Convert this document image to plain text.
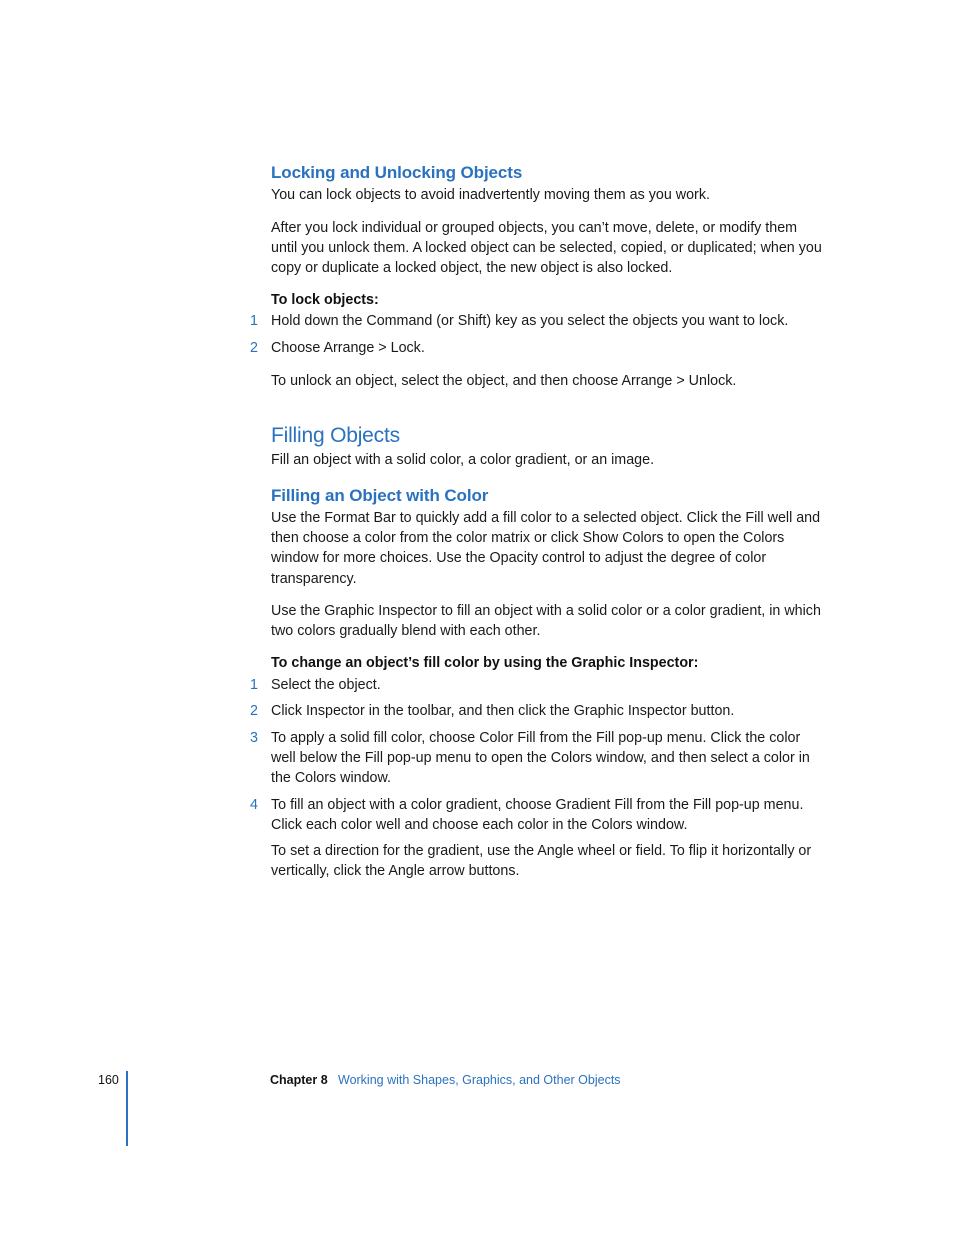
Locking and Unlocking Objects
You can lock objects to avoid inadvertently moving them as you work.
After you lock individual or grouped objects, you can’t move, delete, or modify them until you unlock them. A locked object can be selected, copied, or duplicated; when you copy or duplicate a locked object, the new object is also locked.
To lock objects:
1 Hold down the Command (or Shift) key as you select the objects you want to lock.
2 Choose Arrange > Lock.
To unlock an object, select the object, and then choose Arrange > Unlock.
Filling Objects
Fill an object with a solid color, a color gradient, or an image.
Filling an Object with Color
Use the Format Bar to quickly add a fill color to a selected object. Click the Fill well and then choose a color from the color matrix or click Show Colors to open the Colors window for more choices. Use the Opacity control to adjust the degree of color transparency.
Use the Graphic Inspector to fill an object with a solid color or a color gradient, in which two colors gradually blend with each other.
To change an object’s fill color by using the Graphic Inspector:
1 Select the object.
2 Click Inspector in the toolbar, and then click the Graphic Inspector button.
3 To apply a solid fill color, choose Color Fill from the Fill pop-up menu. Click the color well below the Fill pop-up menu to open the Colors window, and then select a color in the Colors window.
4 To fill an object with a color gradient, choose Gradient Fill from the Fill pop-up menu. Click each color well and choose each color in the Colors window.
To set a direction for the gradient, use the Angle wheel or field. To flip it horizontally or vertically, click the Angle arrow buttons.
160	Chapter 8 Working with Shapes, Graphics, and Other Objects
